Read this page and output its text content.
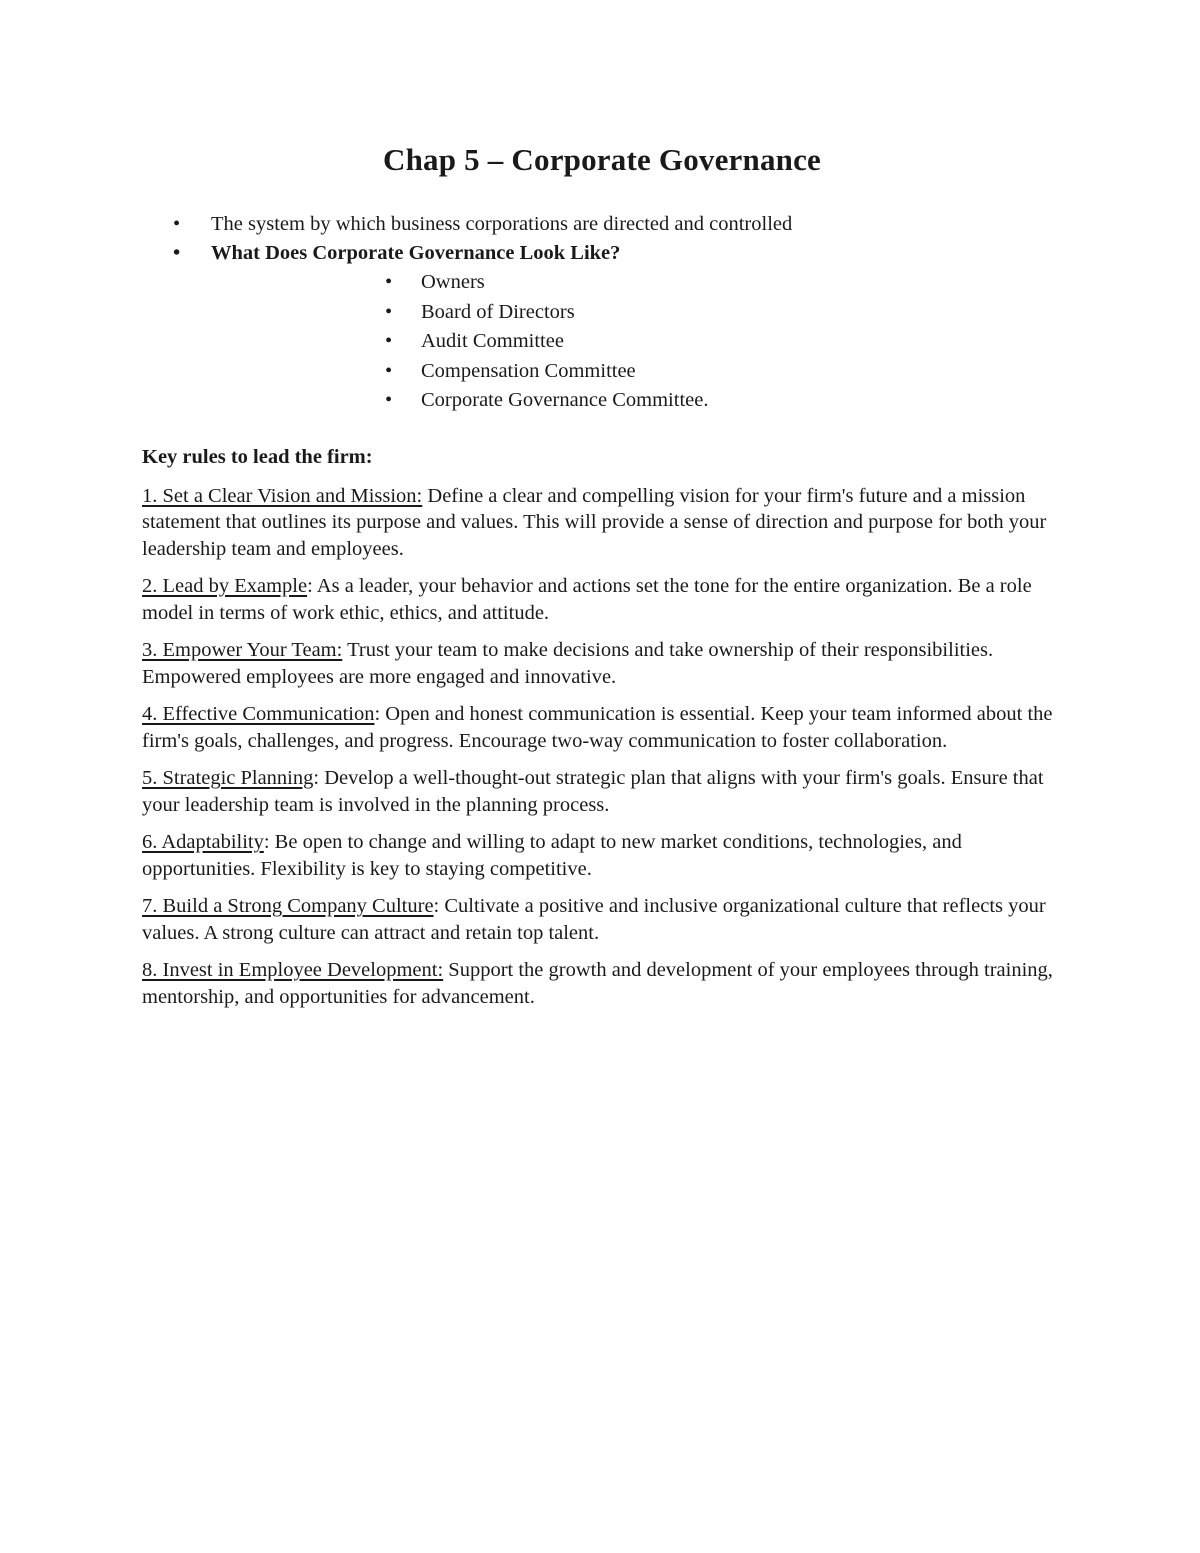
Chap 5 – Corporate Governance
• The system by which business corporations are directed and controlled
• What Does Corporate Governance Look Like?
• Owners
• Board of Directors
• Audit Committee
• Compensation Committee
• Corporate Governance Committee.

Key rules to lead the firm:

1. Set a Clear Vision and Mission: Define a clear and compelling vision for your firm's future and a mission statement that outlines its purpose and values. This will provide a sense of direction and purpose for both your leadership team and employees.

2. Lead by Example: As a leader, your behavior and actions set the tone for the entire organization. Be a role model in terms of work ethic, ethics, and attitude.

3. Empower Your Team: Trust your team to make decisions and take ownership of their responsibilities. Empowered employees are more engaged and innovative.

4. Effective Communication: Open and honest communication is essential. Keep your team informed about the firm's goals, challenges, and progress. Encourage two-way communication to foster collaboration.

5. Strategic Planning: Develop a well-thought-out strategic plan that aligns with your firm's goals. Ensure that your leadership team is involved in the planning process.

6. Adaptability: Be open to change and willing to adapt to new market conditions, technologies, and opportunities. Flexibility is key to staying competitive.

7. Build a Strong Company Culture: Cultivate a positive and inclusive organizational culture that reflects your values. A strong culture can attract and retain top talent.

8. Invest in Employee Development: Support the growth and development of your employees through training, mentorship, and opportunities for advancement.
